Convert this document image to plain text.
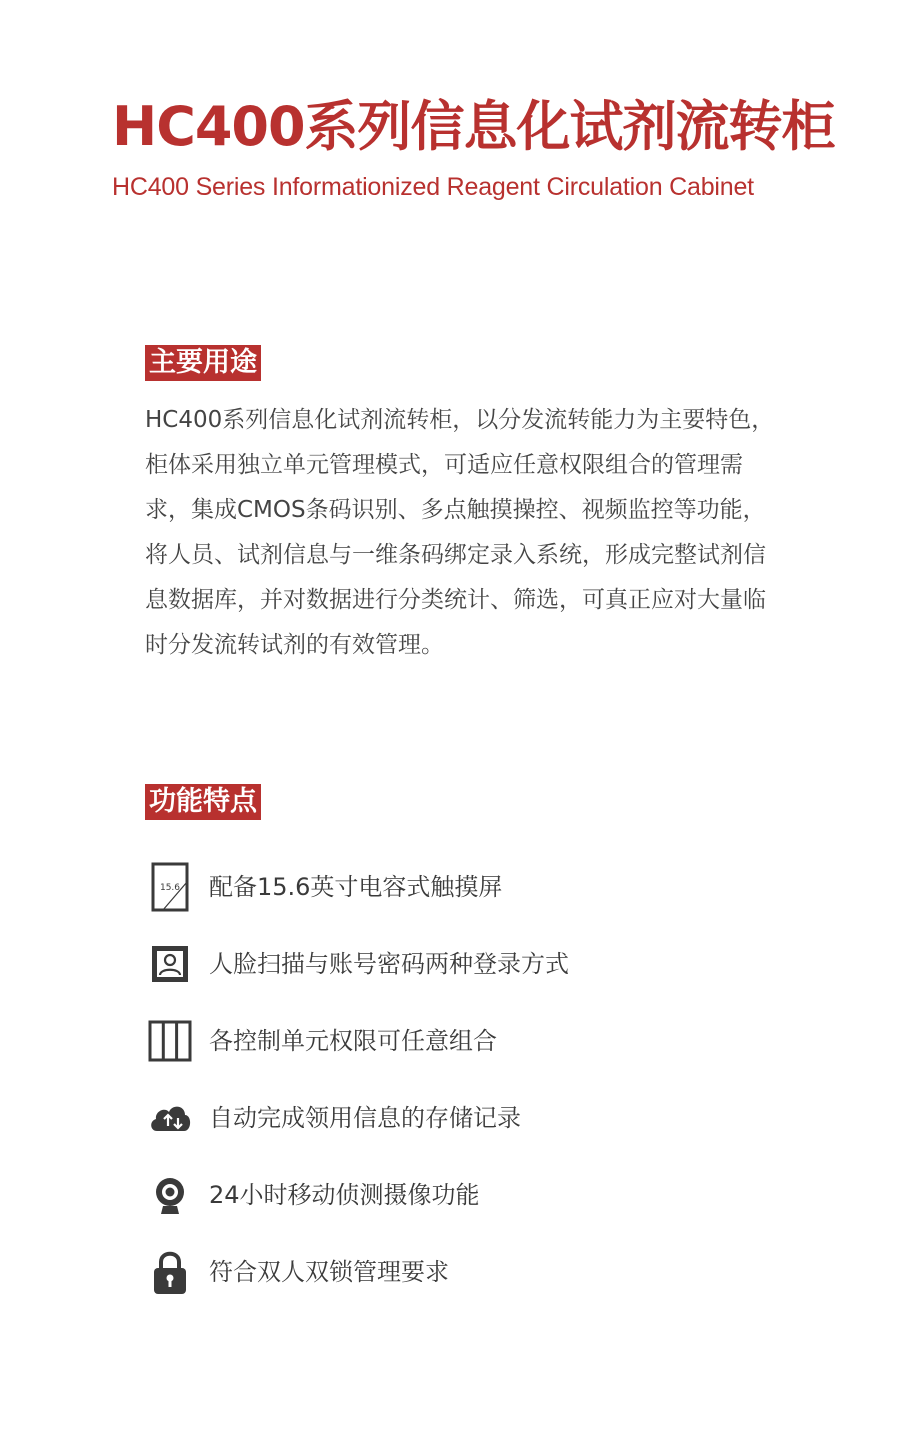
HC400系列信息化试剂流转柜
HC400 Series Informationized Reagent Circulation Cabinet
主要用途

HC400系列信息化试剂流转柜，以分发流转能力为主要特色，柜体采用独立单元管理模式，可适应任意权限组合的管理需求，集成CMOS条码识别、多点触摸操控、视频监控等功能，将人员、试剂信息与一维条码绑定录入系统，形成完整试剂信息数据库，并对数据进行分类统计、筛选，可真正应对大量临时分发流转试剂的有效管理。

功能特点
15.6 配备15.6英寸电容式触摸屏
人脸扫描与账号密码两种登录方式
各控制单元权限可任意组合
自动完成领用信息的存储记录
24小时移动侦测摄像功能
符合双人双锁管理要求
